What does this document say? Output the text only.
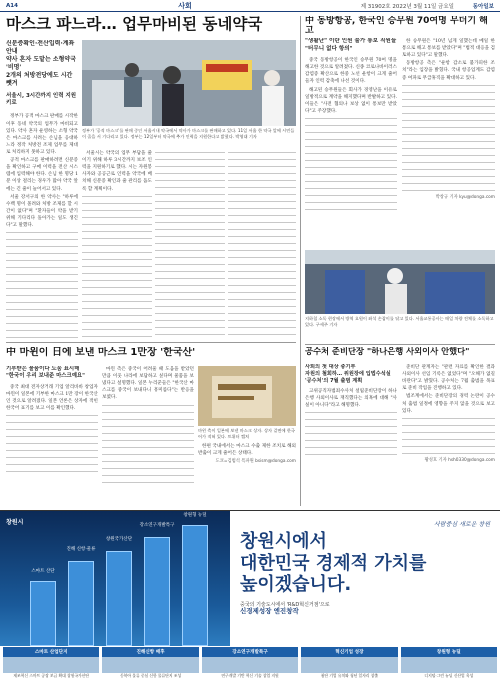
A14	사회	제 31902호 2022년 3월 11일 금요일	동아일보
마스크 파느라… 업무마비된 동네약국
신분증확인·전산입력·계좌 안내
약사 혼자 도맡는 소형약국 '비명'
2개의 처방전당에도 시간 뺏겨
서울시, 3시간까지 인력 지원키로

정부가 공적 마스크 판매를 시작한 이후 동네 약국의 업무가 마비되고 있다. 약사 혼자 운영하는 소형 약국은 마스크를 사려는 손님을 응대하느라 정작 처방전 조제 업무를 제대로 처리하지 못하고 있다.

공적 마스크를 판매하려면 신분증을 확인하고 구매 이력을 전산 시스템에 입력해야 한다. 손님 한 명당 1분 이상 걸리는 경우가 많아 약국 앞에는 긴 줄이 늘어서고 있다.

서울 강서구의 한 약사는 "하루에 수백 명이 몰려와 처방 조제를 할 시간이 없다"며 "환자들이 약을 받기 위해 기다리다 돌아가는 일도 생긴다"고 말했다.

정부가 '공적 마스크'를 판매 중인 서울시내 약국에서 약사가 마스크를 판매하고 있다. 11일 서울 한 약국 앞에 시민들이 줄을 서 기다리고 있다. 정부는 12일부터 약국에 추가 인력을 지원한다고 밝혔다. 박영대 기자

서울시는 약국의 업무 부담을 줄이기 위해 하루 3시간까지 보조 인력을 지원하기로 했다. 시는 자원봉사자와 공공근로 인력을 약국에 배치해 신분증 확인과 줄 관리를 돕도록 할 계획이다.

中 동방항공, 한국인 승무원 70여명 무더기 해고
"생활난" 이란 인원 불가 통보 직원들 "터무니 없다 항의"

중국 동방항공이 한국인 승무원 70여 명을 해고한 것으로 알려졌다. 신종 코로나바이러스 감염증 확산으로 한중 노선 운항이 크게 줄어들자 인력 감축에 나선 것이다.

해고된 승무원들은 회사가 경영난을 이유로 일방적으로 계약을 해지했다며 반발하고 있다. 이들은 "사전 협의나 보상 없이 통보만 받았다"고 주장했다.

한 승무원은 "10년 넘게 일했는데 메일 한 통으로 해고 통보를 받았다"며 "법적 대응을 검토하고 있다"고 말했다.

동방항공 측은 "운항 감소로 불가피한 조치"라는 입장을 밝혔다. 국내 항공업계도 감염증 여파로 무급휴직을 확대하고 있다.

박창규 기자 kyu@donga.com
지하철 소독 현장에서 방역 요원이 좌석 손잡이를 닦고 있다. 서울교통공사는 매일 차량 전체를 소독하고 있다. 구세주 기자
中 마윈이 日에 보낸 마스크 1만장 '한국산'
기부받은 물품이다 도움 표시해
"한국이 우리 보내준 마스크예요"

중국 최대 전자상거래 기업 알리바바 창업자 마윈이 일본에 기부한 마스크 1만 장이 한국산인 것으로 알려졌다. 일본 언론은 상자에 적힌 한국어 표기를 보고 이를 확인했다.

마윈 측은 중국이 어려울 때 도움을 받았던 만큼 이웃 나라에 보답하고 싶다며 물품을 보냈다고 설명했다. 일본 누리꾼들은 "한국산 마스크를 중국이 보내다니 흥미롭다"는 반응을 보였다.

마윈 측이 일본에 보낸 마스크 상자. 상자 겉면에 한국어가 적혀 있다. 트위터 캡처

한편 국내에서는 마스크 수출 제한 조치로 해외 반출이 크게 줄어든 상태다.

도쿄=김범석 특파원 bsism@donga.com
공수처 준비단장 "하나은행 사외이사 안했다"
사퇴의 첫 대상 중기부
자원의 철회하… 위원장에 입법수석실 '공수처'의 7월 출범 계획

고위공직자범죄수사처 설립준비단장이 하나은행 사외이사로 재직했다는 의혹에 대해 "사실이 아니다"라고 해명했다.

준비단 관계자는 "관련 자료를 확인한 결과 사외이사 선임 기록은 없었다"며 "오해가 없길 바란다"고 밝혔다. 공수처는 7월 출범을 목표로 준비 작업을 진행하고 있다.

법조계에서는 준비단장의 경력 논란이 공수처 출범 일정에 영향을 주지 않을 것으로 보고 있다.

황성호 기자 hsh0330@donga.com
창원시
스마트 산단
진해 신항·물류
창원국가산단
강소연구개발특구
창원형 뉴딜
사람중심 새로운 창원
창원시에서
대한민국 경제적 가치를
높이겠습니다.
중국의 기술도시에서 'R&D혁신거점'으로
신경제성장 엔진창작
스마트 산업단지
제조혁신 스마트 공장 보급 확대 창원국가산단
진해신항 배후
동북아 물류 중심 신항 물류단지 조성
강소연구개발특구
연구개발 기반 혁신 기술 창업 지원
혁신기업 성장
첨단 기업 유치와 청년 일자리 창출
창원형 뉴딜
디지털·그린 뉴딜 신산업 육성
